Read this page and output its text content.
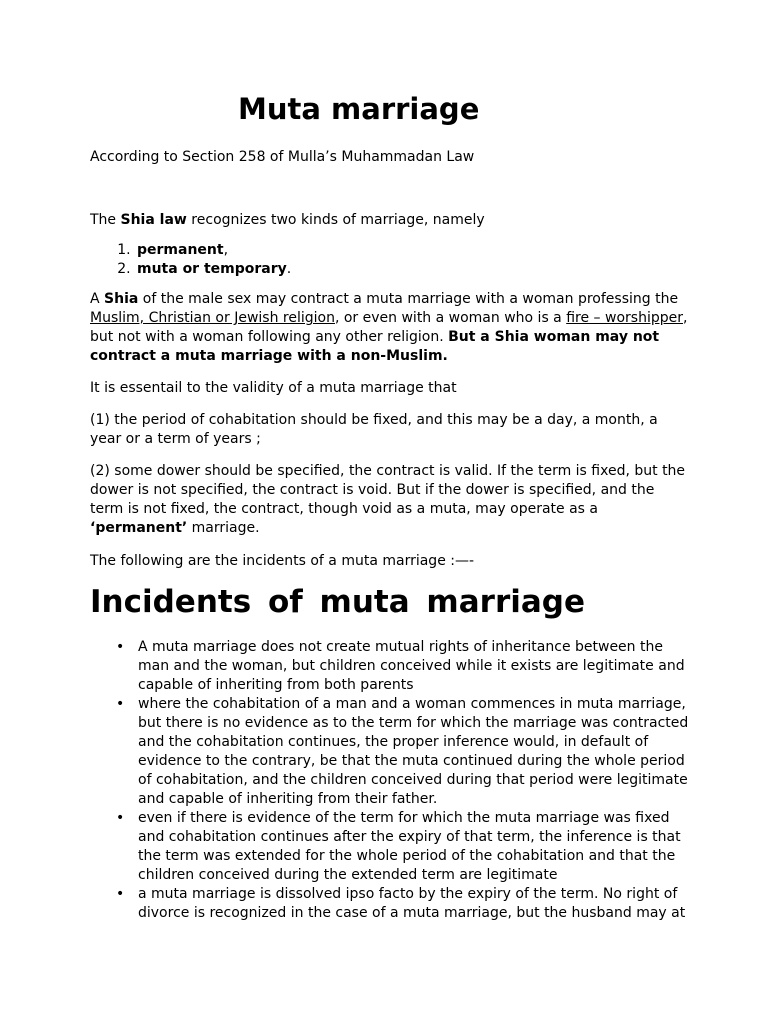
Muta marriage

According to Section 258 of Mulla’s Muhammadan Law

The Shia law recognizes two kinds of marriage, namely

1. permanent,
2. muta or temporary.

A Shia of the male sex may contract a muta marriage with a woman professing the Muslim, Christian or Jewish religion, or even with a woman who is a fire – worshipper, but not with a woman following any other religion. But a Shia woman may not contract a muta marriage with a non-Muslim.

It is essentail to the validity of a muta marriage that

(1) the period of cohabitation should be fixed, and this may be a day, a month, a year or a term of years ;

(2) some dower should be specified, the contract is valid. If the term is fixed, but the dower is not specified, the contract is void. But if the dower is specified, and the term is not fixed, the contract, though void as a muta, may operate as a ‘permanent’ marriage.

The following are the incidents of a muta marriage :—-

Incidents of muta marriage
• A muta marriage does not create mutual rights of inheritance between the man and the woman, but children conceived while it exists are legitimate and capable of inheriting from both parents
• where the cohabitation of a man and a woman commences in muta marriage, but there is no evidence as to the term for which the marriage was contracted and the cohabitation continues, the proper inference would, in default of evidence to the contrary, be that the muta continued during the whole period of cohabitation, and the children conceived during that period were legitimate and capable of inheriting from their father.
• even if there is evidence of the term for which the muta marriage was fixed and cohabitation continues after the expiry of that term, the inference is that the term was extended for the whole period of the cohabitation and that the children conceived during the extended term are legitimate
• a muta marriage is dissolved ipso facto by the expiry of the term. No right of divorce is recognized in the case of a muta marriage, but the husband may at
